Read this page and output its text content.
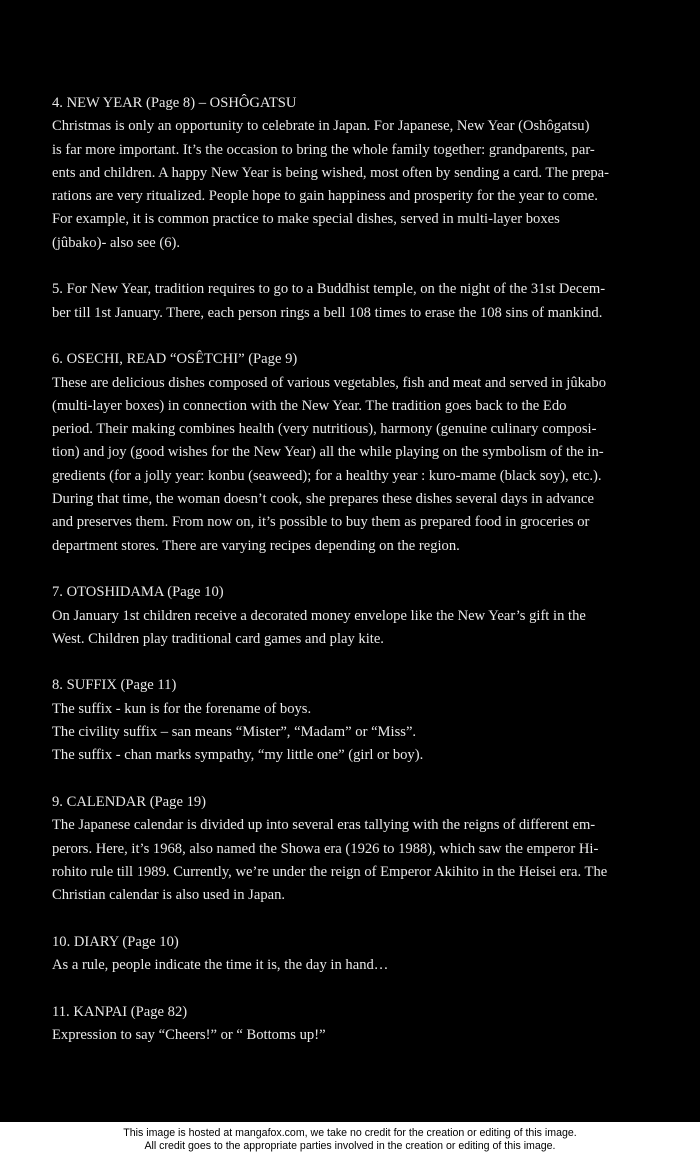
4. NEW YEAR (Page 8) – OSHÔGATSU
Christmas is only an opportunity to celebrate in Japan. For Japanese, New Year (Oshôgatsu)
is far more important. It’s the occasion to bring the whole family together: grandparents, par-
ents and children. A happy New Year is being wished, most often by sending a card. The prepa-
rations are very ritualized. People hope to gain happiness and prosperity for the year to come.
For example, it is common practice to make special dishes, served in multi-layer boxes
(jûbako)- also see (6).
5. For New Year, tradition requires to go to a Buddhist temple, on the night of the 31st Decem-
ber till 1st January. There, each person rings a bell 108 times to erase the 108 sins of mankind.
6. OSECHI, READ “OSÊTCHI” (Page 9)
These are delicious dishes composed of various vegetables, fish and meat and served in jûkabo
(multi-layer boxes) in connection with the New Year. The tradition goes back to the Edo
period. Their making combines health (very nutritious), harmony (genuine culinary composi-
tion) and joy (good wishes for the New Year) all the while playing on the symbolism of the in-
gredients (for a jolly year: konbu (seaweed); for a healthy year : kuro-mame (black soy), etc.).
During that time, the woman doesn’t cook, she prepares these dishes several days in advance
and preserves them. From now on, it’s possible to buy them as prepared food in groceries or
department stores. There are varying recipes depending on the region.
7. OTOSHIDAMA (Page 10)
On January 1st children receive a decorated money envelope like the New Year’s gift in the
West. Children play traditional card games and play kite.
8. SUFFIX (Page 11)
The suffix - kun is for the forename of boys.
The civility suffix – san means “Mister”, “Madam” or “Miss”.
The suffix - chan marks sympathy, “my little one” (girl or boy).
9. CALENDAR (Page 19)
The Japanese calendar is divided up into several eras tallying with the reigns of different em-
perors. Here, it’s 1968, also named the Showa era (1926 to 1988), which saw the emperor Hi-
rohito rule till 1989. Currently, we’re under the reign of Emperor Akihito in the Heisei era. The
Christian calendar is also used in Japan.
10. DIARY (Page 10)
As a rule, people indicate the time it is, the day in hand…
11. KANPAI (Page 82)
Expression to say “Cheers!” or “ Bottoms up!”
This image is hosted at mangafox.com, we take no credit for the creation or editing of this image.
All credit goes to the appropriate parties involved in the creation or editing of this image.
